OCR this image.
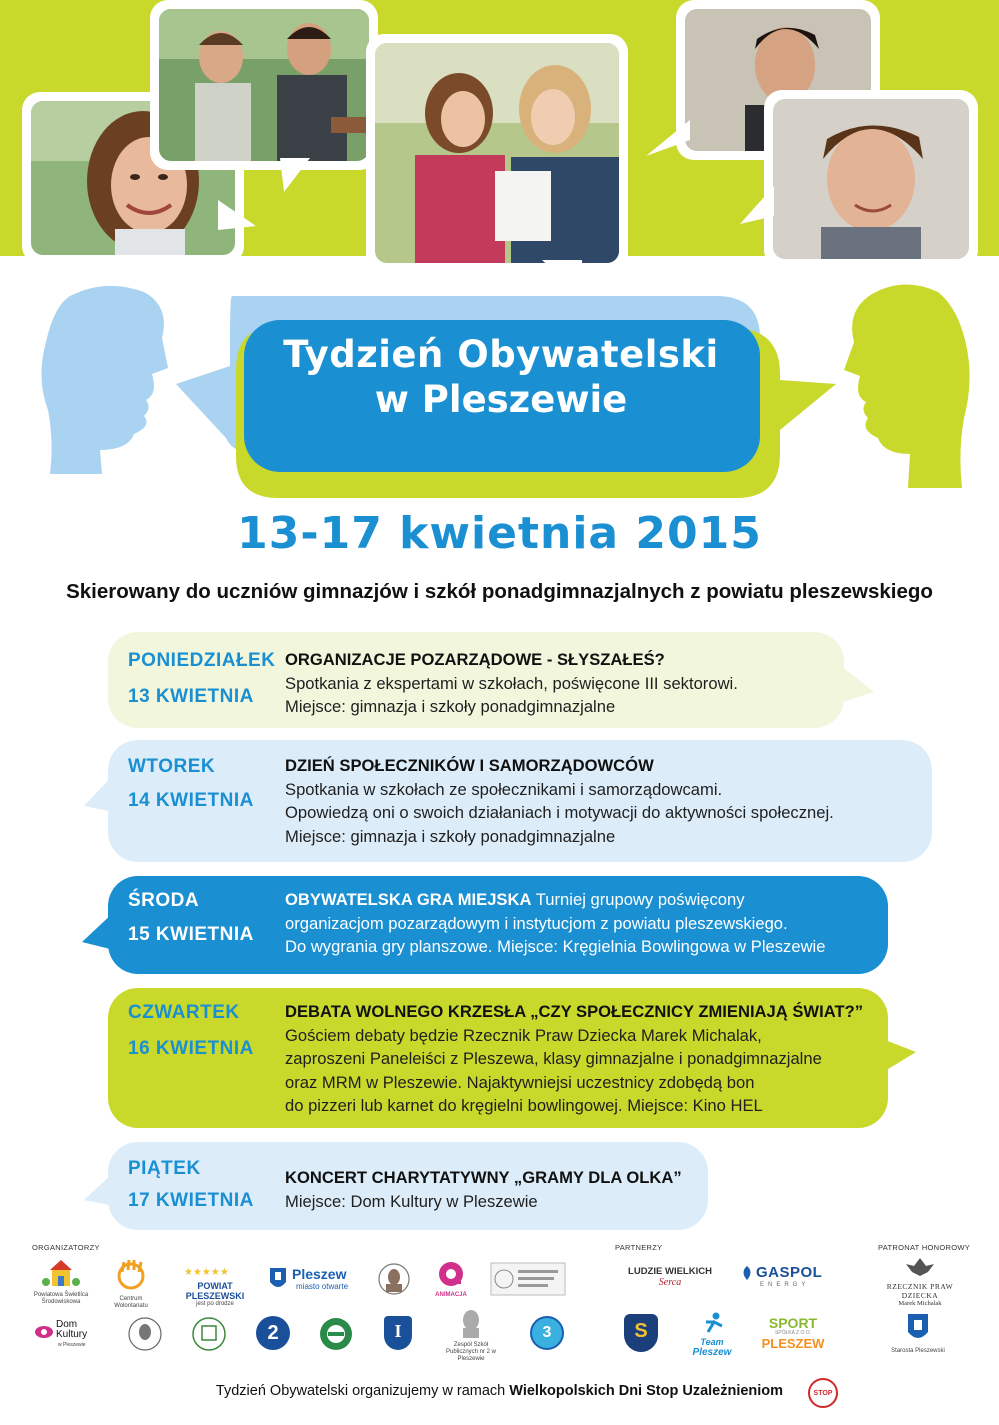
Tydzień Obywatelski
w Pleszewie
13-17 kwietnia 2015
Skierowany do uczniów gimnazjów i szkół ponadgimnazjalnych z powiatu pleszewskiego
PONIEDZIAŁEK
13 KWIETNIA
ORGANIZACJE POZARZĄDOWE - SŁYSZAŁEŚ?
Spotkania z ekspertami w szkołach, poświęcone III sektorowi.
Miejsce: gimnazja i szkoły ponadgimnazjalne
WTOREK
14 KWIETNIA
DZIEŃ SPOŁECZNIKÓW I SAMORZĄDOWCÓW
Spotkania w szkołach ze społecznikami i samorządowcami.
Opowiedzą oni o swoich działaniach i motywacji do aktywności społecznej.
Miejsce: gimnazja i szkoły ponadgimnazjalne
ŚRODA
15 KWIETNIA
OBYWATELSKA GRA MIEJSKA Turniej grupowy poświęcony
organizacjom pozarządowym i instytucjom z powiatu pleszewskiego.
Do wygrania gry planszowe. Miejsce: Kręgielnia Bowlingowa w Pleszewie
CZWARTEK
16 KWIETNIA
DEBATA WOLNEGO KRZESŁA „CZY SPOŁECZNICY ZMIENIAJĄ ŚWIAT?”
Gościem debaty będzie Rzecznik Praw Dziecka Marek Michalak,
zaproszeni Paneleiści z Pleszewa, klasy gimnazjalne i ponadgimnazjalne
oraz MRM w Pleszewie. Najaktywniejsi uczestnicy zdobędą bon
do pizzeri lub karnet do kręgielni bowlingowej. Miejsce: Kino HEL
PIĄTEK
17 KWIETNIA
KONCERT CHARYTATYWNY „GRAMY DLA OLKA”
Miejsce: Dom Kultury w Pleszewie
ORGANIZATORZY	PARTNERZY	PATRONAT HONOROWY
Powiatowa Świetlica Środowiskowa	Centrum Wolontariatu
★★★★★
POWIAT PLESZEWSKI
jest po drodze
Pleszew
miasto otwarte
ANIMACJA
LUDZIE WIELKICH
Serca
GASPOL
ENERGY	RZECZNIK PRAW DZIECKA
Marek Michalak
Dom Kultury
w Pleszewie
2	I
Zespół Szkół Publicznych nr 2 w Pleszewie
3	S	Team
Pleszew
SPORT
SPÓŁKA Z O.O.
PLESZEW	Starosta Pleszewski
Tydzień Obywatelski organizujemy w ramach Wielkopolskich Dni Stop Uzależnieniom	STOP
